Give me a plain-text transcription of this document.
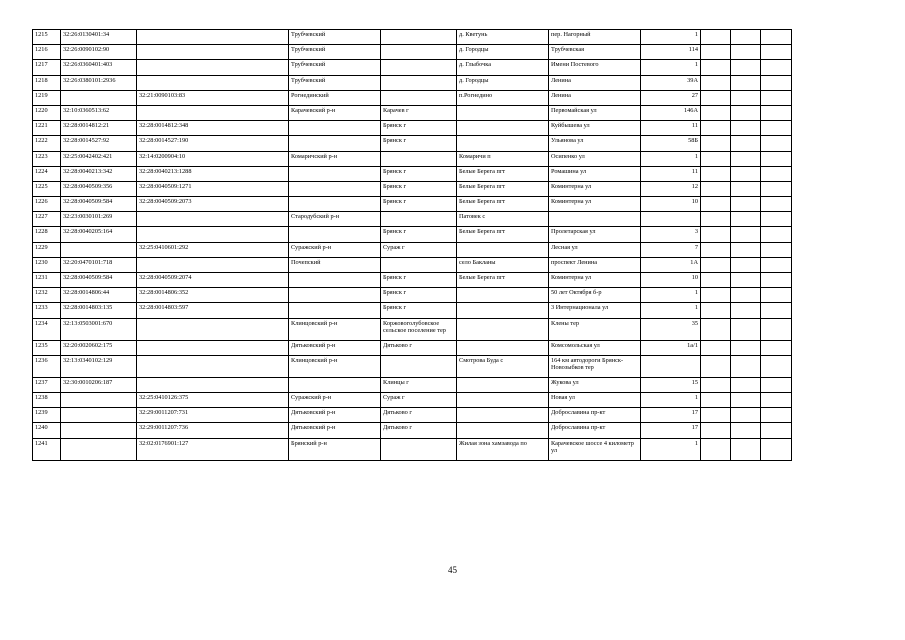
1215	32:26:0130401:34		Трубчевский		д. Кветунь	пер. Нагорный	1			
1216	32:26:0090102:90		Трубчевский		д. Городцы	Трубчевская	114			
1217	32:26:0360401:403		Трубчевский		д. Глыбочка	Имени Постевого	1			
1218	32:26:0380101:2936		Трубчевский		д. Городцы	Ленина	39А			
1219		32:21:0090103:83	Рогнединский		п.Рогнедино	Ленина	27			
1220	32:10:0360513:62		Карачевский р-н	Карачев г		Первомайская ул	146А			
1221	32:28:0014812:21	32:28:0014812:348		Брянск г		Куйбышева ул	11			
1222	32:28:0014527:92	32:28:0014527:190		Брянск г		Ульянова ул	58Б			
1223	32:25:0042402:421	32:14:0200904:10	Комаричский р-н		Комаричи п	Осипенко ул	1			
1224	32:28:0040213:342	32:28:0040213:1288		Брянск г	Белые Берега пгт	Ромашина ул	11			
1225	32:28:0040509:356	32:28:0040509:1271		Брянск г	Белые Берега пгт	Коминтерна ул	12			
1226	32:28:0040509:584	32:28:0040509:2073		Брянск г	Белые Берега пгт	Коминтерна ул	10			
1227	32:23:0030101:269		Стародубский р-н		Патовек с					
1228	32:28:0040205:164			Брянск г	Белые Берега пгт	Пролетарская ул	3			
1229		32:25:0410601:292	Суражский р-н	Сураж г		Лесная ул	7			
1230	32:20:0470101:718		Почепский		село Бакланы	проспект Ленина	1А			
1231	32:28:0040509:584	32:28:0040509:2074		Брянск г	Белые Берега пгт	Коминтерна ул	10			
1232	32:28:0014806:44	32:28:0014806:352		Брянск г		50 лет Октября б-р	1			
1233	32:28:0014803:135	32:28:0014803:597		Брянск г		3 Интернационала ул	1			
1234	32:13:0503001:670		Клинцовский р-н	Коржовоголубовское сельское поселение тер		Клены тер	35			
1235	32:20:0020602:175		Дятьковский р-н	Дятьково г		Комсомольская ул	1а/1			
1236	32:13:0340102:129		Клинцовский р-н		Смотрова Буда с	164 км автодороги Брянск-Новозыбков тер				
1237	32:30:0010206:187			Клинцы г		Жукова ул	15			
1238		32:25:0410126:375	Суражский р-н	Сураж г		Новая ул	1			
1239		32:29:0011207:731	Дятьковский р-н	Дятьково г		Доброславина пр-кт	17			
1240		32:29:0011207:736	Дятьковский р-н	Дятьково г		Доброславина пр-кт	17			
1241		32:02:0176901:127	Брянский р-н		Жилая зона хамзавода по	Карачевское шоссе 4 километр ул	1			
45
